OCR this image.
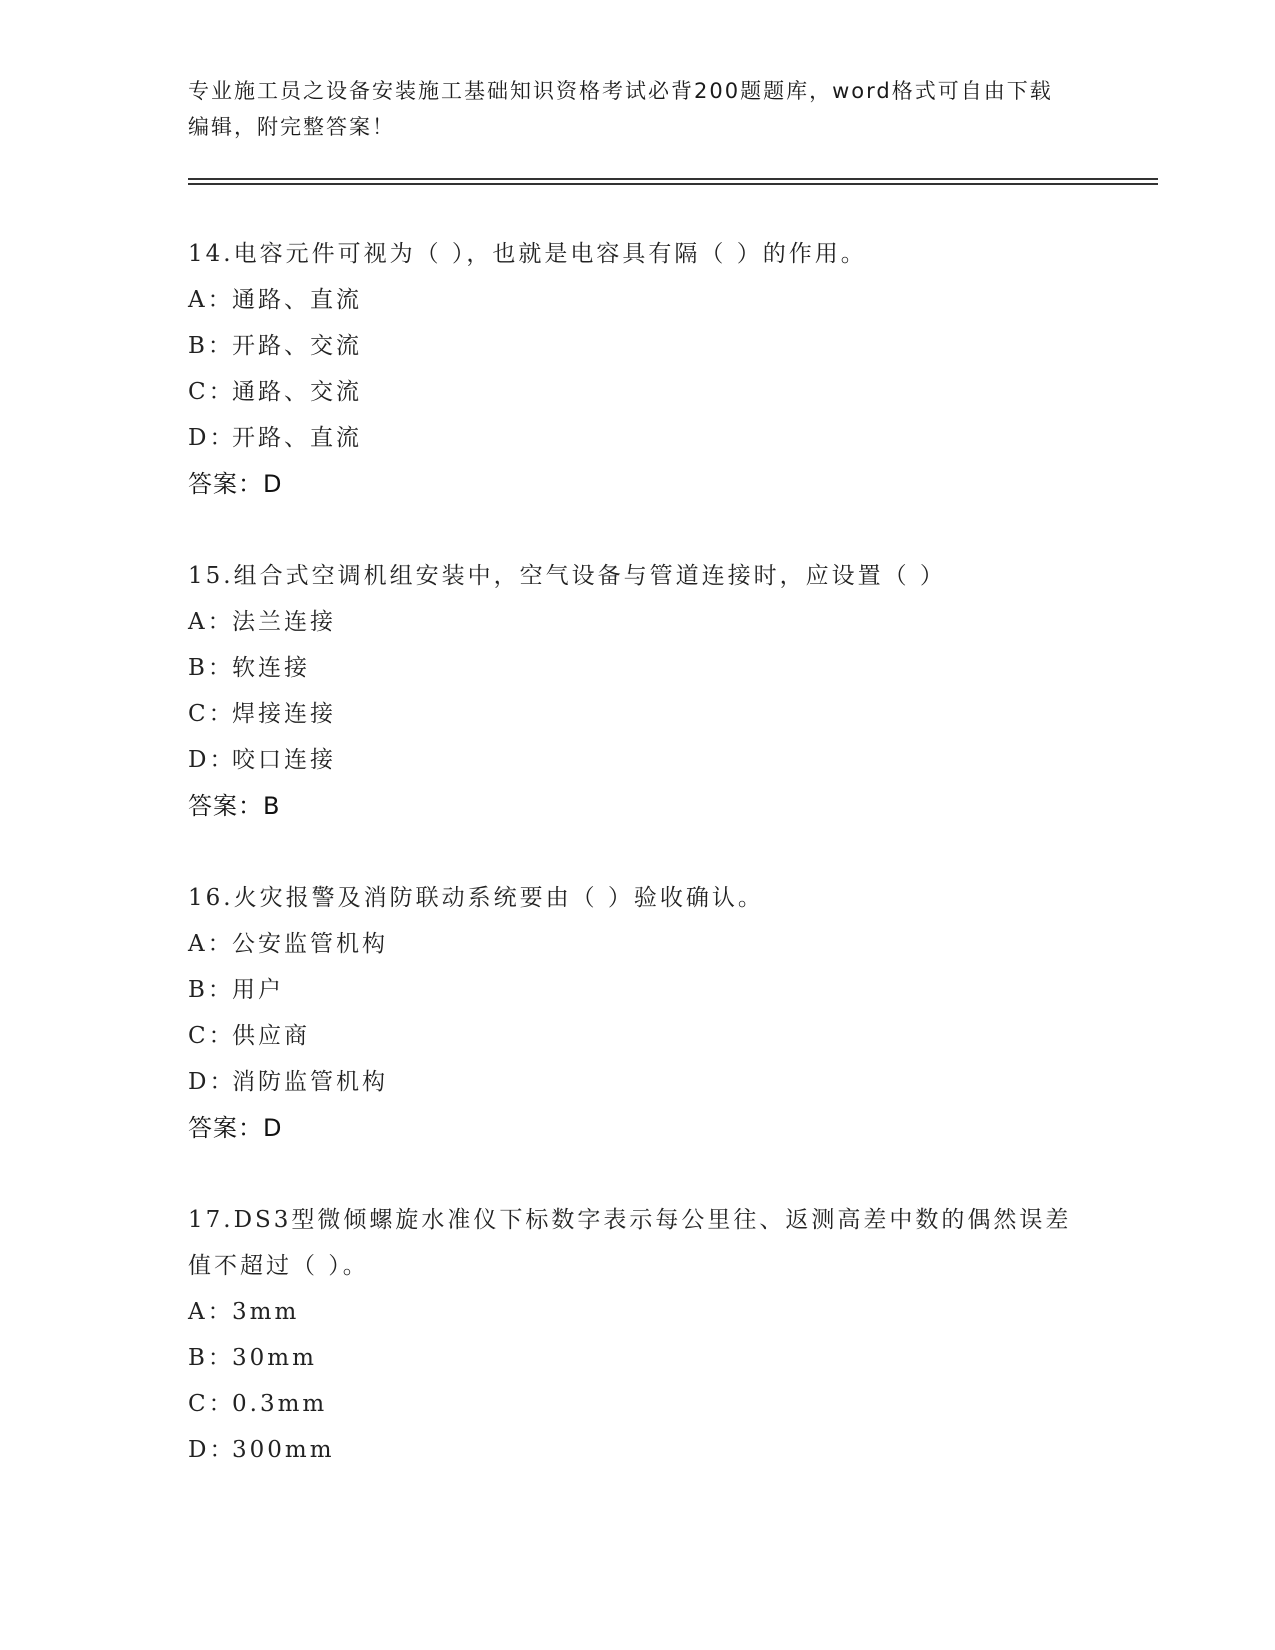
专业施工员之设备安装施工基础知识资格考试必背200题题库，word格式可自由下载编辑，附完整答案！
14.电容元件可视为（ ），也就是电容具有隔（ ）的作用。
A：
通路、直流
B：
开路、交流
C：
通路、交流
D：
开路、直流
答案：D
15.组合式空调机组安装中，空气设备与管道连接时，应设置（ ）
A：
法兰连接
B：
软连接
C：
焊接连接
D：
咬口连接
答案：B
16.火灾报警及消防联动系统要由（ ）验收确认。
A：
公安监管机构
B：
用户
C：
供应商
D：
消防监管机构
答案：D
17.DS3型微倾螺旋水准仪下标数字表示每公里往、返测高差中数的偶然误差值不超过（ ）。
A：
3mm
B：
30mm
C：
0.3mm
D：
300mm
